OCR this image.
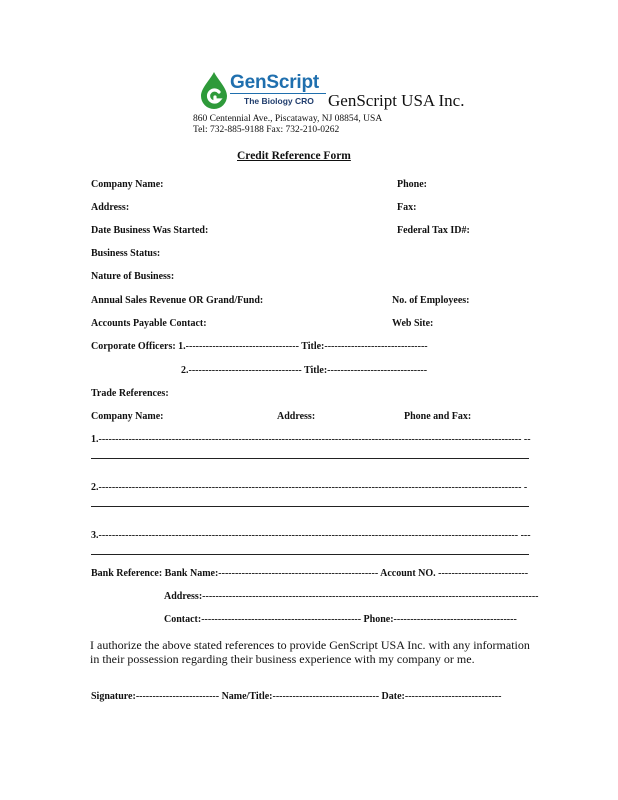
GenScript
The Biology CRO GenScript USA Inc.
860 Centennial Ave., Piscataway, NJ 08854, USA
Tel: 732-885-9188 Fax: 732-210-0262
Credit Reference Form
Company Name:	Phone:
Address:	Fax:
Date Business Was Started:	Federal Tax ID#:
Business Status:
Nature of Business:
Annual Sales Revenue OR Grand/Fund:	No. of Employees:
Accounts Payable Contact:	Web Site:
Corporate Officers: 1.---------------------------------- Title:-------------------------------
2.---------------------------------- Title:------------------------------
Trade References:
Company Name:	Address:	Phone and Fax:
1.------------------------------------------------------------------------------------------------------------------------------- --
2.------------------------------------------------------------------------------------------------------------------------------- -
3.------------------------------------------------------------------------------------------------------------------------------ ---
Bank Reference: Bank Name:------------------------------------------------ Account NO. ---------------------------
Address:-----------------------------------------------------------------------------------------------------
Contact:------------------------------------------------ Phone:-------------------------------------
I authorize the above stated references to provide GenScript USA Inc. with any information in their possession regarding their business experience with my company or me.
Signature:------------------------- Name/Title:-------------------------------- Date:-----------------------------
